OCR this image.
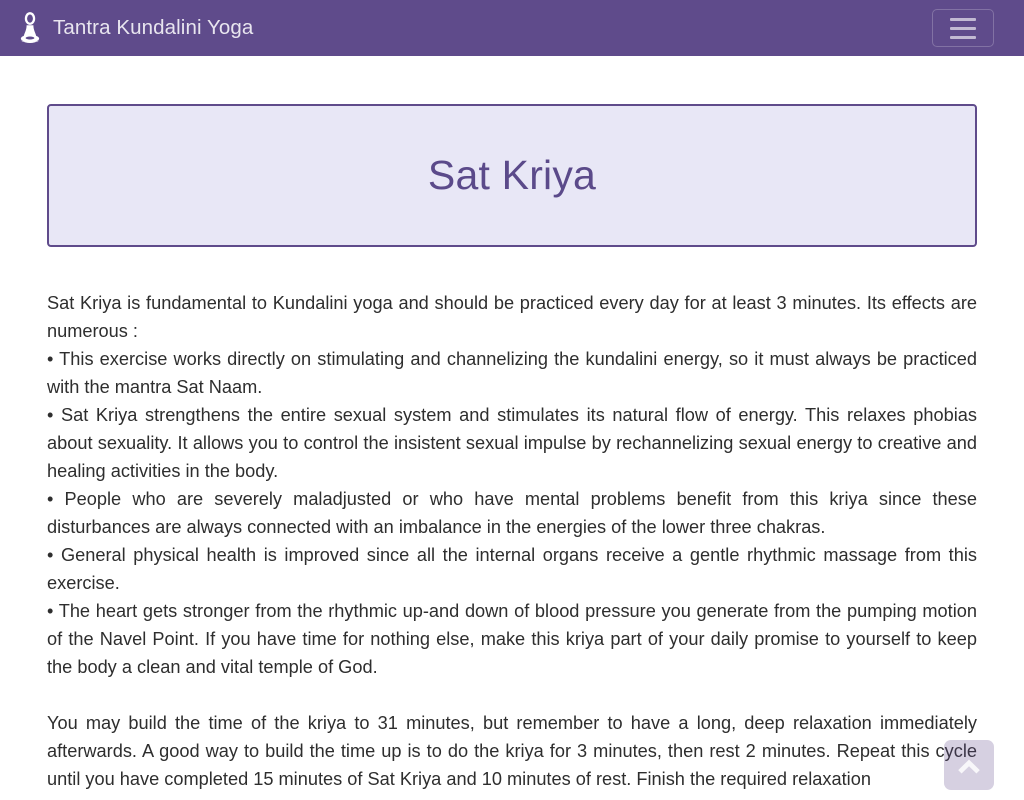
Tantra Kundalini Yoga
Sat Kriya

Sat Kriya is fundamental to Kundalini yoga and should be practiced every day for at least 3 minutes. Its effects are numerous :

• This exercise works directly on stimulating and channelizing the kundalini energy, so it must always be practiced with the mantra Sat Naam.

• Sat Kriya strengthens the entire sexual system and stimulates its natural flow of energy. This relaxes phobias about sexuality. It allows you to control the insistent sexual impulse by rechannelizing sexual energy to creative and healing activities in the body.

• People who are severely maladjusted or who have mental problems benefit from this kriya since these disturbances are always connected with an imbalance in the energies of the lower three chakras.

• General physical health is improved since all the internal organs receive a gentle rhythmic massage from this exercise.

• The heart gets stronger from the rhythmic up-and down of blood pressure you generate from the pumping motion of the Navel Point. If you have time for nothing else, make this kriya part of your daily promise to yourself to keep the body a clean and vital temple of God.

You may build the time of the kriya to 31 minutes, but remember to have a long, deep relaxation immediately afterwards. A good way to build the time up is to do the kriya for 3 minutes, then rest 2 minutes. Repeat this cycle until you have completed 15 minutes of Sat Kriya and 10 minutes of rest. Finish the required relaxation
